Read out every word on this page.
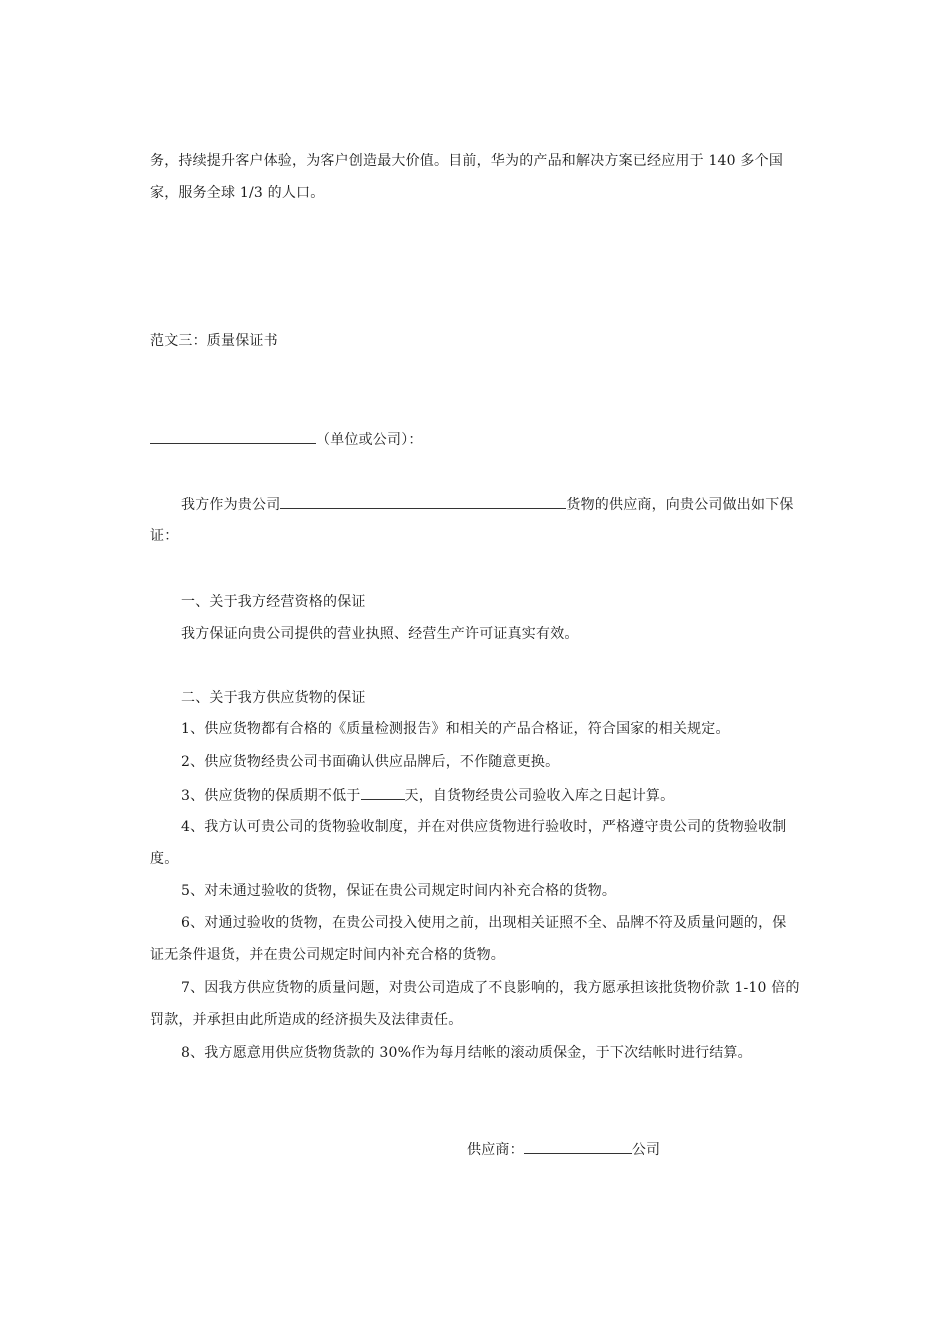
务，持续提升客户体验，为客户创造最大价值。目前，华为的产品和解决方案已经应用于 140 多个国
家，服务全球 1/3 的人口。
范文三：质量保证书
（单位或公司）：
我方作为贵公司	货物的供应商，向贵公司做出如下保
证：
一、关于我方经营资格的保证
我方保证向贵公司提供的营业执照、经营生产许可证真实有效。
二、关于我方供应货物的保证
1、供应货物都有合格的《质量检测报告》和相关的产品合格证，符合国家的相关规定。
2、供应货物经贵公司书面确认供应品牌后，不作随意更换。
3、供应货物的保质期不低于	天，自货物经贵公司验收入库之日起计算。
4、我方认可贵公司的货物验收制度，并在对供应货物进行验收时，严格遵守贵公司的货物验收制
度。
5、对未通过验收的货物，保证在贵公司规定时间内补充合格的货物。
6、对通过验收的货物，在贵公司投入使用之前，出现相关证照不全、品牌不符及质量问题的，保
证无条件退货，并在贵公司规定时间内补充合格的货物。
7、因我方供应货物的质量问题，对贵公司造成了不良影响的，我方愿承担该批货物价款 1-10 倍的
罚款，并承担由此所造成的经济损失及法律责任。
8、我方愿意用供应货物货款的 30%作为每月结帐的滚动质保金，于下次结帐时进行结算。
供应商：	公司
